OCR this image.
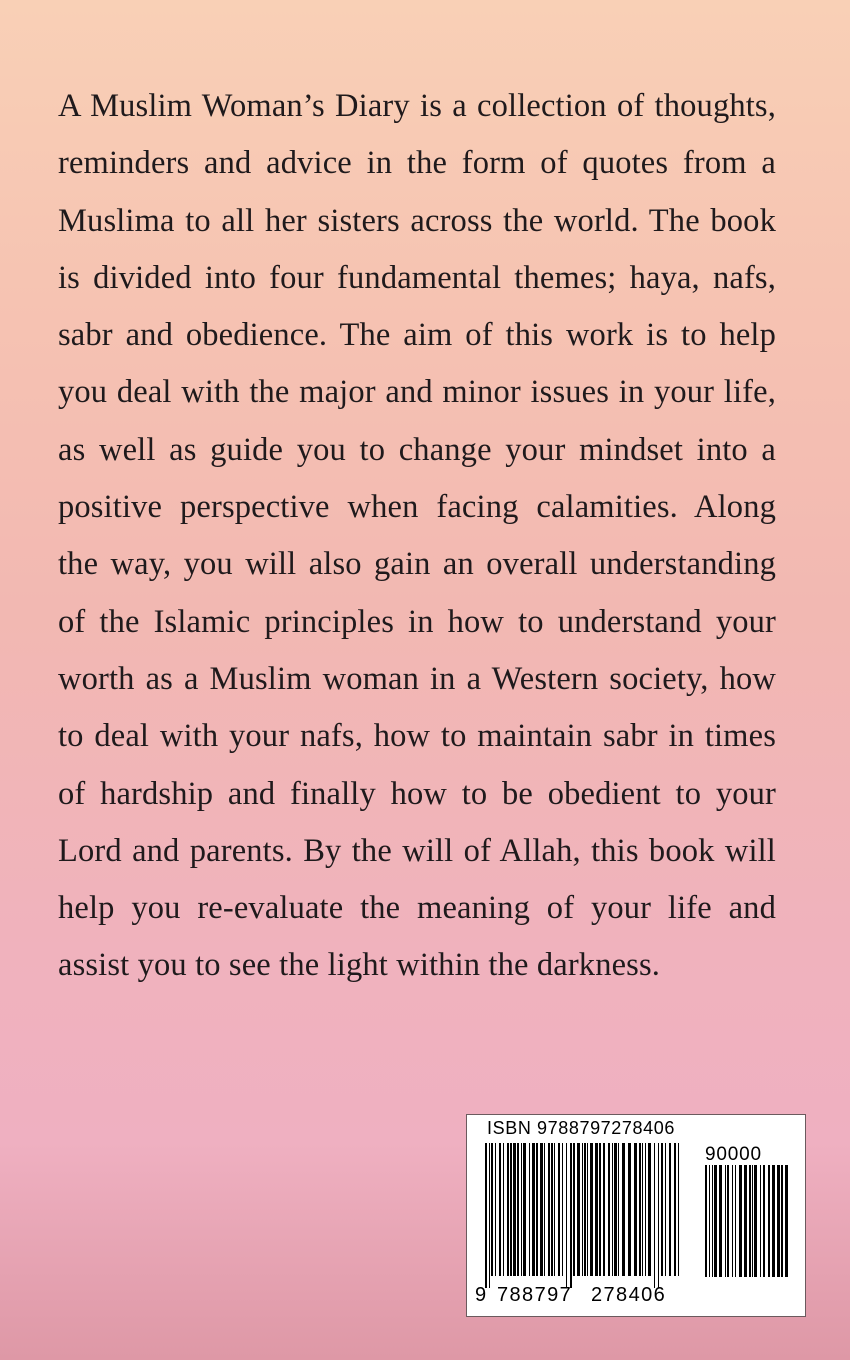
A Muslim Woman’s Diary is a collection of thoughts, reminders and advice in the form of quotes from a Muslima to all her sisters across the world. The book is divided into four fundamental themes; haya, nafs, sabr and obedience. The aim of this work is to help you deal with the major and minor issues in your life, as well as guide you to change your mindset into a positive perspective when facing calamities. Along the way, you will also gain an overall understanding of the Islamic principles in how to understand your worth as a Muslim woman in a Western society, how to deal with your nafs, how to maintain sabr in times of hardship and finally how to be obedient to your Lord and parents. By the will of Allah, this book will help you re-evaluate the meaning of your life and assist you to see the light within the darkness.

ISBN 9788797278406
90000
9 788797 278406
